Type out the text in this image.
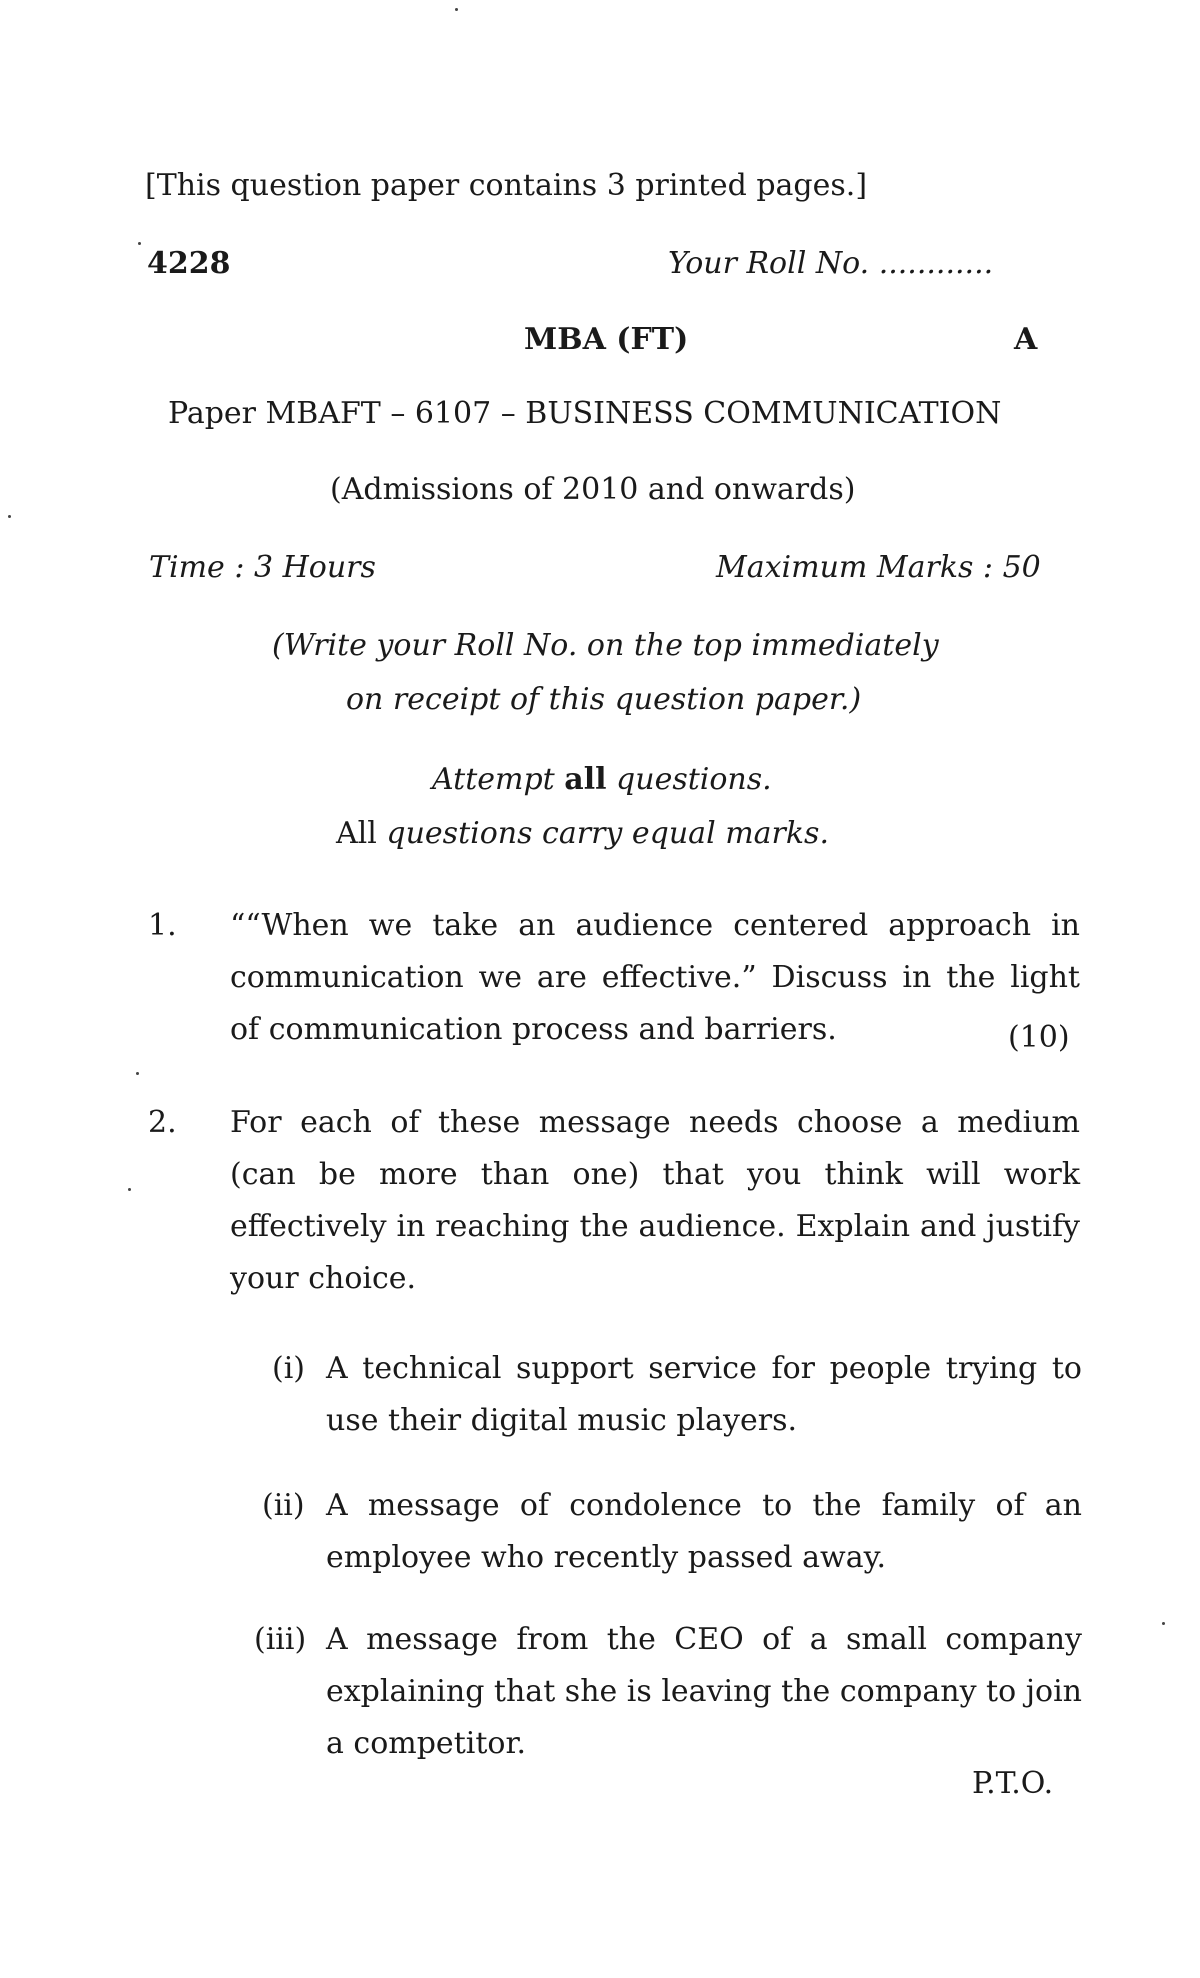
[This question paper contains 3 printed pages.]
4228	Your Roll No. ............
MBA (FT)	A
Paper MBAFT – 6107 – BUSINESS COMMUNICATION
(Admissions of 2010 and onwards)
Time : 3 Hours	Maximum Marks : 50
(Write your Roll No. on the top immediately
on receipt of this question paper.)
Attempt all questions.
All questions carry equal marks.
1. ““When we take an audience centered approach in communication we are effective.” Discuss in the light of communication process and barriers.	(10)
2. For each of these message needs choose a medium (can be more than one) that you think will work effectively in reaching the audience. Explain and justify your choice.
(i) A technical support service for people trying to use their digital music players.
(ii) A message of condolence to the family of an employee who recently passed away.
(iii) A message from the CEO of a small company explaining that she is leaving the company to join a competitor.
P.T.O.
